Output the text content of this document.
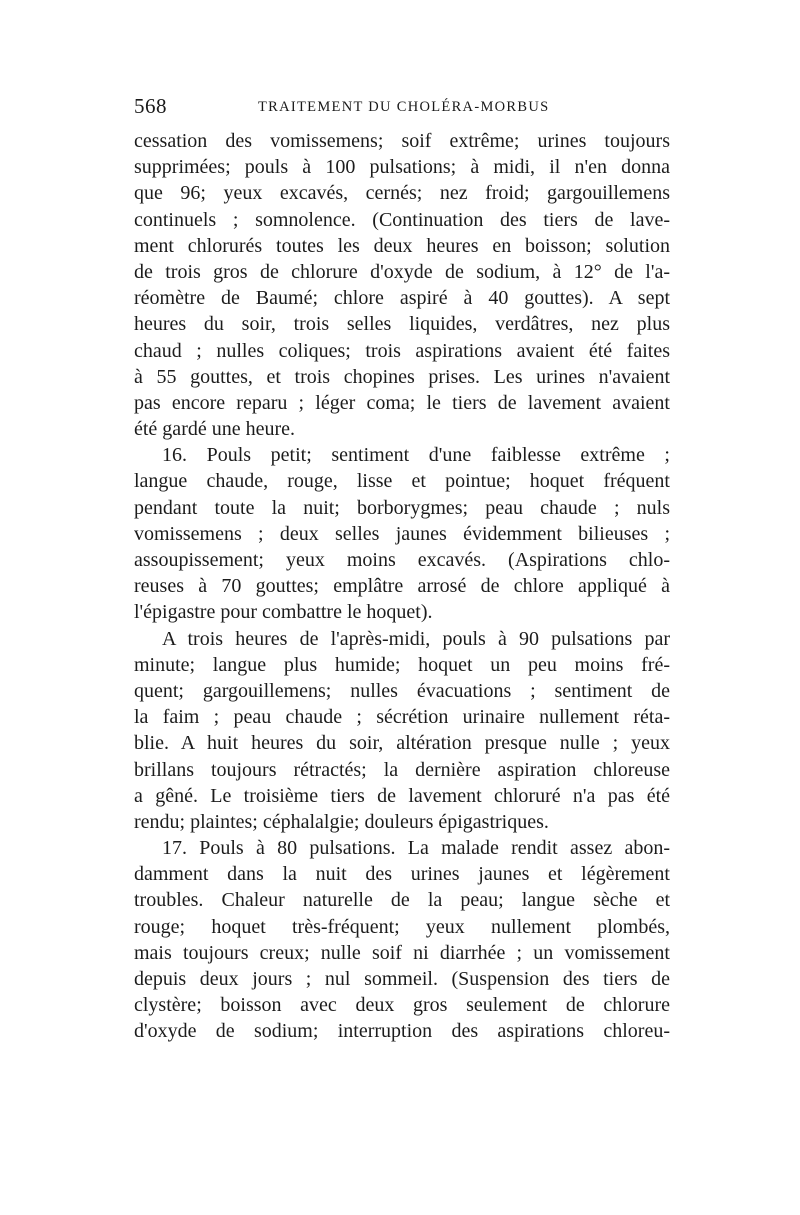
568	TRAITEMENT DU CHOLÉRA-MORBUS
cessation des vomissemens; soif extrême; urines toujours
supprimées; pouls à 100 pulsations; à midi, il n'en donna
que 96; yeux excavés, cernés; nez froid; gargouillemens
continuels ; somnolence. (Continuation des tiers de lave-
ment chlorurés toutes les deux heures en boisson; solution
de trois gros de chlorure d'oxyde de sodium, à 12° de l'a-
réomètre de Baumé; chlore aspiré à 40 gouttes). A sept
heures du soir, trois selles liquides, verdâtres, nez plus
chaud ; nulles coliques; trois aspirations avaient été faites
à 55 gouttes, et trois chopines prises. Les urines n'avaient
pas encore reparu ; léger coma; le tiers de lavement avaient
été gardé une heure.
16. Pouls petit; sentiment d'une faiblesse extrême ;
langue chaude, rouge, lisse et pointue; hoquet fréquent
pendant toute la nuit; borborygmes; peau chaude ; nuls
vomissemens ; deux selles jaunes évidemment bilieuses ;
assoupissement; yeux moins excavés. (Aspirations chlo-
reuses à 70 gouttes; emplâtre arrosé de chlore appliqué à
l'épigastre pour combattre le hoquet).
A trois heures de l'après-midi, pouls à 90 pulsations par
minute; langue plus humide; hoquet un peu moins fré-
quent; gargouillemens; nulles évacuations ; sentiment de
la faim ; peau chaude ; sécrétion urinaire nullement réta-
blie. A huit heures du soir, altération presque nulle ; yeux
brillans toujours rétractés; la dernière aspiration chloreuse
a gêné. Le troisième tiers de lavement chloruré n'a pas été
rendu; plaintes; céphalalgie; douleurs épigastriques.
17. Pouls à 80 pulsations. La malade rendit assez abon-
damment dans la nuit des urines jaunes et légèrement
troubles. Chaleur naturelle de la peau; langue sèche et
rouge; hoquet très-fréquent; yeux nullement plombés,
mais toujours creux; nulle soif ni diarrhée ; un vomissement
depuis deux jours ; nul sommeil. (Suspension des tiers de
clystère; boisson avec deux gros seulement de chlorure
d'oxyde de sodium; interruption des aspirations chloreu-
